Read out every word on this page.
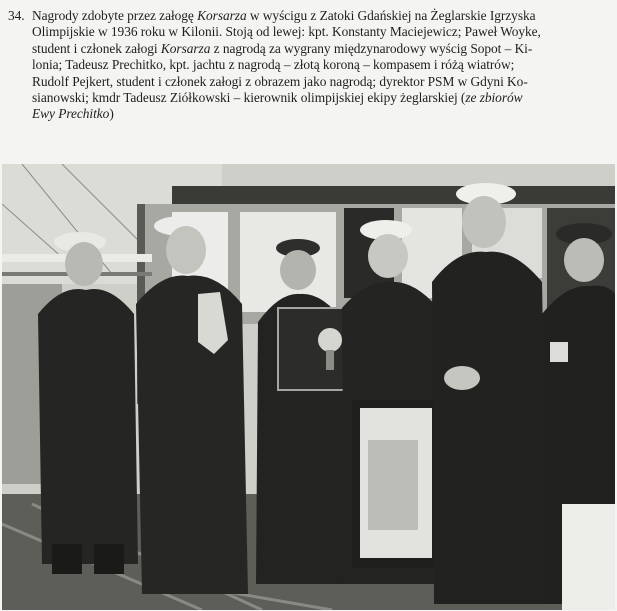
34. Nagrody zdobyte przez załogę Korsarza w wyścigu z Zatoki Gdańskiej na Żeglarskie Igrzyska
Olimpijskie w 1936 roku w Kilonii. Stoją od lewej: kpt. Konstanty Maciejewicz; Paweł Woyke,
student i członek załogi Korsarza z nagrodą za wygrany międzynarodowy wyścig Sopot – Ki-
lonia; Tadeusz Prechitko, kpt. jachtu z nagrodą – złotą koroną – kompasem i różą wiatrów;
Rudolf Pejkert, student i członek załogi z obrazem jako nagrodą; dyrektor PSM w Gdyni Ko-
sianowski; kmdr Tadeusz Ziółkowski – kierownik olimpijskiej ekipy żeglarskiej (ze zbiorów
Ewy Prechitko)
